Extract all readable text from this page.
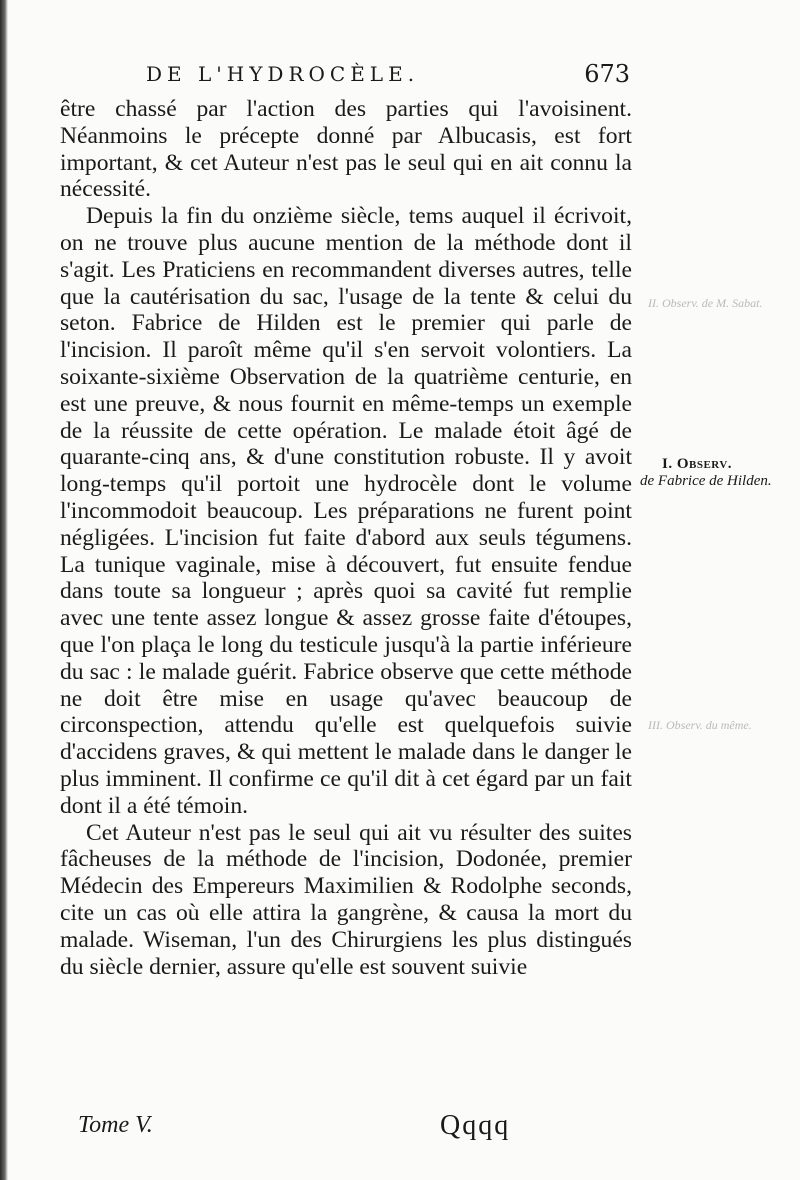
DE L'HYDROCÈLE.	673

être chassé par l'action des parties qui l'avoisinent. Néanmoins le précepte donné par Albucasis, est fort important, & cet Auteur n'est pas le seul qui en ait connu la nécessité.

Depuis la fin du onzième siècle, tems auquel il écrivoit, on ne trouve plus aucune mention de la méthode dont il s'agit. Les Praticiens en recommandent diverses autres, telle que la cautérisation du sac, l'usage de la tente & celui du seton. Fabrice de Hilden est le premier qui parle de l'incision. Il paroît même qu'il s'en servoit volontiers. La soixante-sixième Observation de la quatrième centurie, en est une preuve, & nous fournit en même-temps un exemple de la réussite de cette opération. Le malade étoit âgé de quarante-cinq ans, & d'une constitution robuste. Il y avoit long-temps qu'il portoit une hydrocèle dont le volume l'incommodoit beaucoup. Les préparations ne furent point négligées. L'incision fut faite d'abord aux seuls tégumens. La tunique vaginale, mise à découvert, fut ensuite fendue dans toute sa longueur ; après quoi sa cavité fut remplie avec une tente assez longue & assez grosse faite d'étoupes, que l'on plaça le long du testicule jusqu'à la partie inférieure du sac : le malade guérit. Fabrice observe que cette méthode ne doit être mise en usage qu'avec beaucoup de circonspection, attendu qu'elle est quelquefois suivie d'accidens graves, & qui mettent le malade dans le danger le plus imminent. Il confirme ce qu'il dit à cet égard par un fait dont il a été témoin.

Cet Auteur n'est pas le seul qui ait vu résulter des suites fâcheuses de la méthode de l'incision, Dodonée, premier Médecin des Empereurs Maximilien & Rodolphe seconds, cite un cas où elle attira la gangrène, & causa la mort du malade. Wiseman, l'un des Chirurgiens les plus distingués du siècle dernier, assure qu'elle est souvent suivie

I. Observ.
de Fabrice de Hilden.
II. Observ. de M. Sabat.
III. Observ. du même.
Tome V.	Qqqq
